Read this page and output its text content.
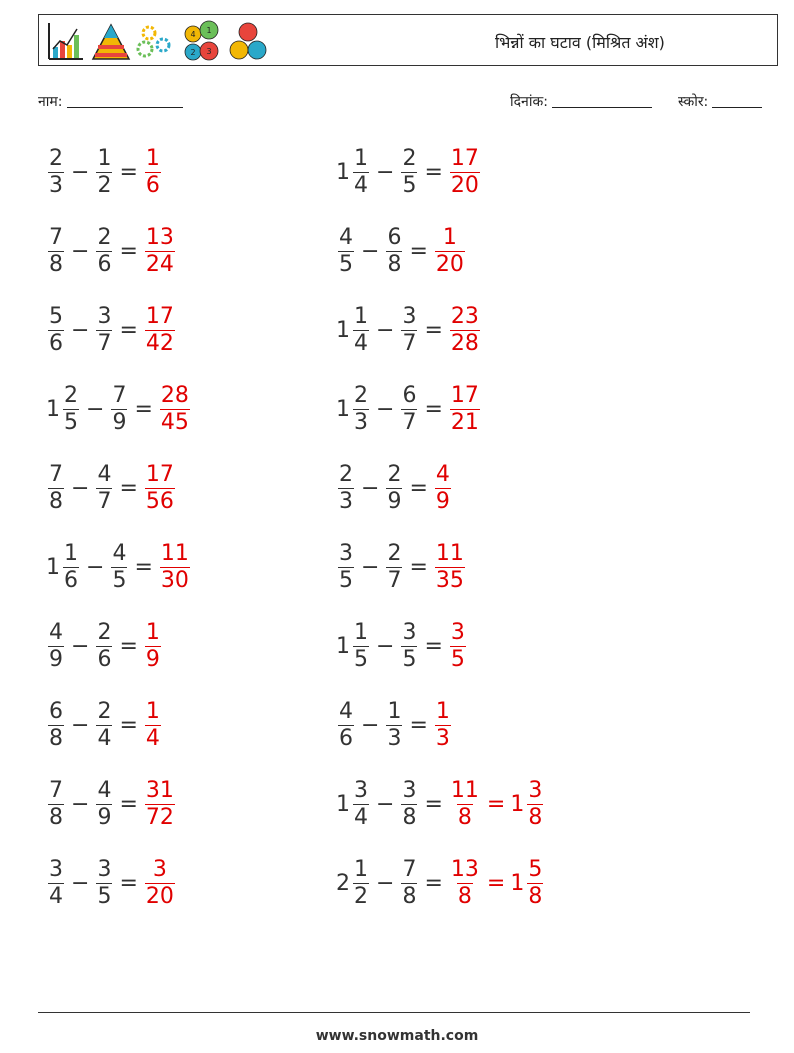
4 1
2 3	भिन्नों का घटाव (मिश्रित अंश)
नाम:	दिनांक:	स्कोर:
$\frac{2}{3} - \frac{1}{2} = \frac{1}{6}$	$1 \frac{1}{4} - \frac{2}{5} = \frac{17}{20}$
$\frac{7}{8} - \frac{2}{6} = \frac{13}{24}$	$\frac{4}{5} - \frac{6}{8} = \frac{1}{20}$
$\frac{5}{6} - \frac{3}{7} = \frac{17}{42}$	$1 \frac{1}{4} - \frac{3}{7} = \frac{23}{28}$
$1 \frac{2}{5} - \frac{7}{9} = \frac{28}{45}$	$1 \frac{2}{3} - \frac{6}{7} = \frac{17}{21}$
$\frac{7}{8} - \frac{4}{7} = \frac{17}{56}$	$\frac{2}{3} - \frac{2}{9} = \frac{4}{9}$
$1 \frac{1}{6} - \frac{4}{5} = \frac{11}{30}$	$\frac{3}{5} - \frac{2}{7} = \frac{11}{35}$
$\frac{4}{9} - \frac{2}{6} = \frac{1}{9}$	$1 \frac{1}{5} - \frac{3}{5} = \frac{3}{5}$
$\frac{6}{8} - \frac{2}{4} = \frac{1}{4}$	$\frac{4}{6} - \frac{1}{3} = \frac{1}{3}$
$\frac{7}{8} - \frac{4}{9} = \frac{31}{72}$	$1 \frac{3}{4} - \frac{3}{8} = \frac{11}{8} = 1 \frac{3}{8}$
$\frac{3}{4} - \frac{3}{5} = \frac{3}{20}$	$2 \frac{1}{2} - \frac{7}{8} = \frac{13}{8} = 1 \frac{5}{8}$
www.snowmath.com
